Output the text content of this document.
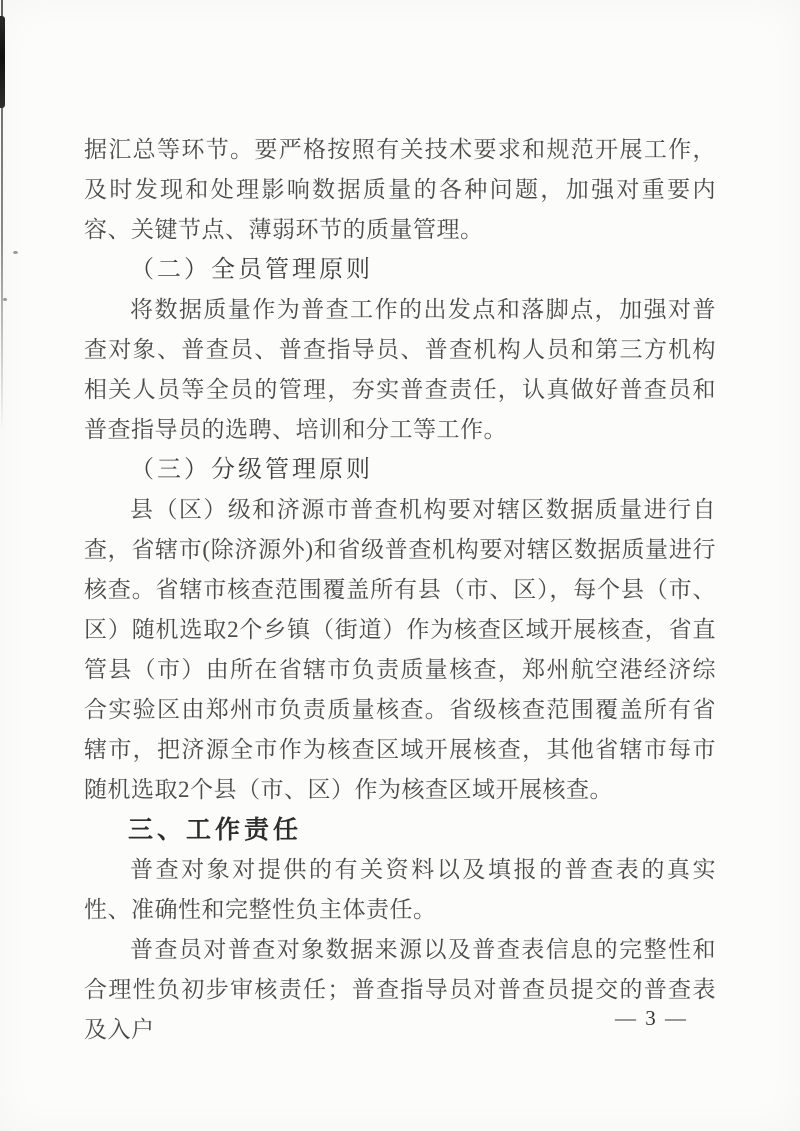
据汇总等环节。要严格按照有关技术要求和规范开展工作，及时发现和处理影响数据质量的各种问题，加强对重要内容、关键节点、薄弱环节的质量管理。

（二）全员管理原则

将数据质量作为普查工作的出发点和落脚点，加强对普查对象、普查员、普查指导员、普查机构人员和第三方机构相关人员等全员的管理，夯实普查责任，认真做好普查员和普查指导员的选聘、培训和分工等工作。

（三）分级管理原则

县（区）级和济源市普查机构要对辖区数据质量进行自查，省辖市(除济源外)和省级普查机构要对辖区数据质量进行核查。省辖市核查范围覆盖所有县（市、区），每个县（市、区）随机选取2个乡镇（街道）作为核查区域开展核查，省直管县（市）由所在省辖市负责质量核查，郑州航空港经济综合实验区由郑州市负责质量核查。省级核查范围覆盖所有省辖市，把济源全市作为核查区域开展核查，其他省辖市每市随机选取2个县（市、区）作为核查区域开展核查。

三、工作责任

普查对象对提供的有关资料以及填报的普查表的真实性、准确性和完整性负主体责任。

普查员对普查对象数据来源以及普查表信息的完整性和合理性负初步审核责任；普查指导员对普查员提交的普查表及入户	— 3 —
